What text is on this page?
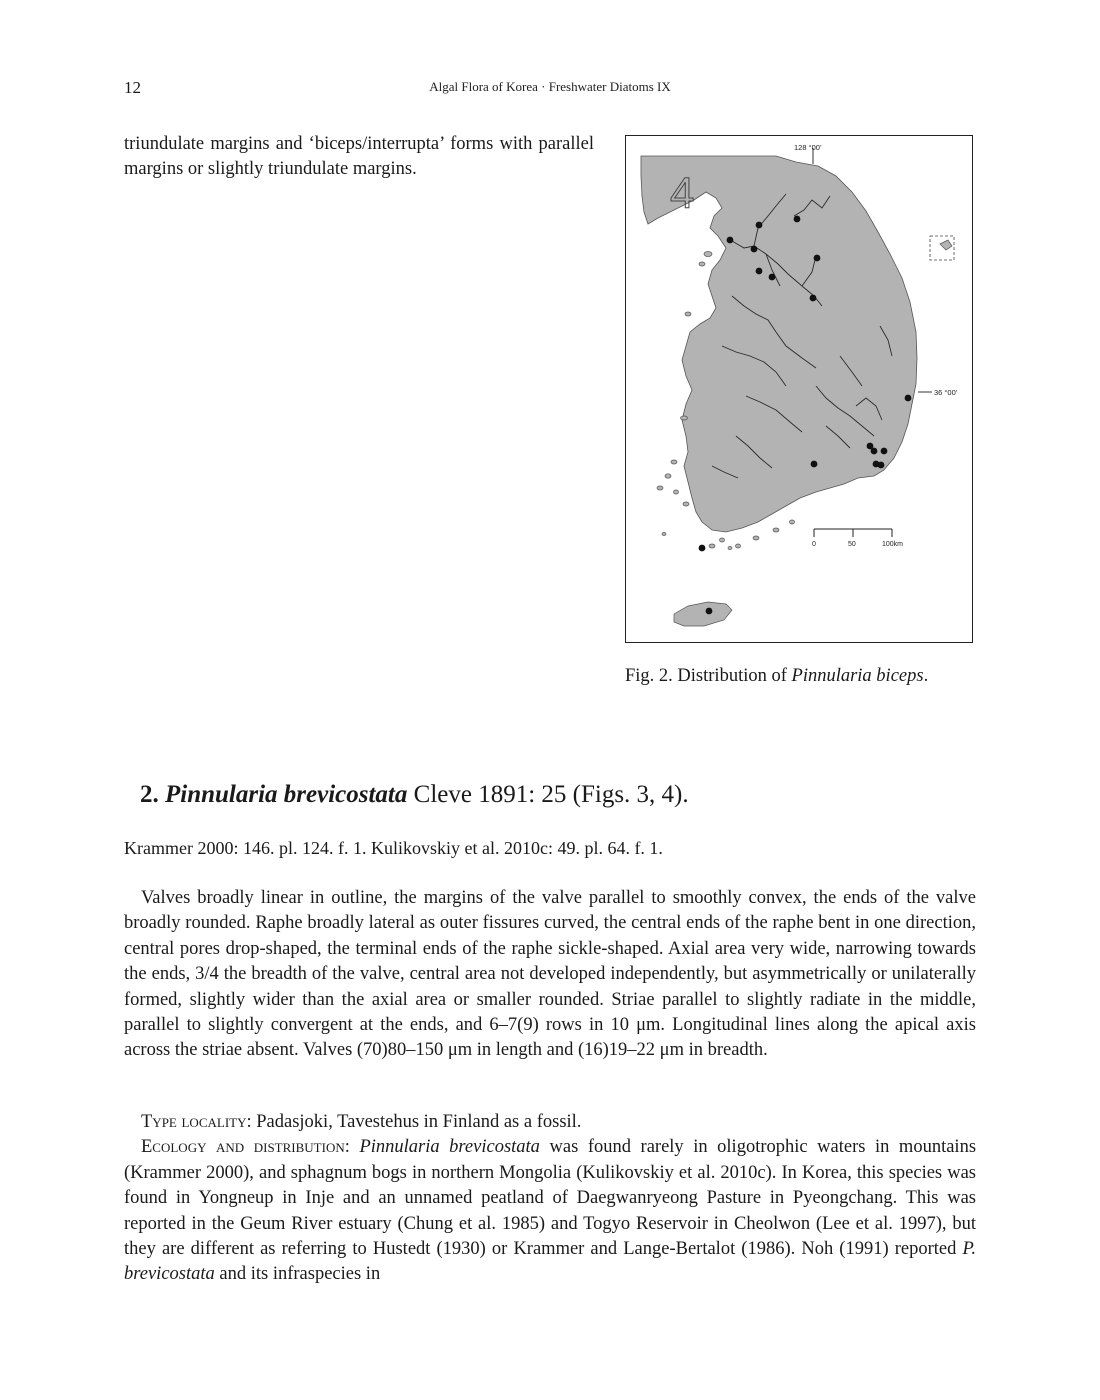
12	Algal Flora of Korea · Freshwater Diatoms IX
triundulate margins and ‘biceps/interrupta’ forms with parallel margins or slightly triundulate margins.
128 °00’
4
36 °00’
0	50	100km
Fig. 2. Distribution of Pinnularia biceps.
2. Pinnularia brevicostata Cleve 1891: 25 (Figs. 3, 4).
Krammer 2000: 146. pl. 124. f. 1. Kulikovskiy et al. 2010c: 49. pl. 64. f. 1.

Valves broadly linear in outline, the margins of the valve parallel to smoothly convex, the ends of the valve broadly rounded. Raphe broadly lateral as outer fissures curved, the central ends of the raphe bent in one direction, central pores drop-shaped, the terminal ends of the raphe sickle-shaped. Axial area very wide, narrowing towards the ends, 3/4 the breadth of the valve, central area not developed independently, but asymmetrically or unilaterally formed, slightly wider than the axial area or smaller rounded. Striae parallel to slightly radiate in the middle, parallel to slightly convergent at the ends, and 6–7(9) rows in 10 μm. Longitudinal lines along the apical axis across the striae absent. Valves (70)80–150 μm in length and (16)19–22 μm in breadth.

Type locality: Padasjoki, Tavestehus in Finland as a fossil.

Ecology and distribution: Pinnularia brevicostata was found rarely in oligotrophic waters in mountains (Krammer 2000), and sphagnum bogs in northern Mongolia (Kulikovskiy et al. 2010c). In Korea, this species was found in Yongneup in Inje and an unnamed peatland of Daegwanryeong Pasture in Pyeongchang. This was reported in the Geum River estuary (Chung et al. 1985) and Togyo Reservoir in Cheolwon (Lee et al. 1997), but they are different as referring to Hustedt (1930) or Krammer and Lange-Bertalot (1986). Noh (1991) reported P. brevicostata and its infraspecies in
